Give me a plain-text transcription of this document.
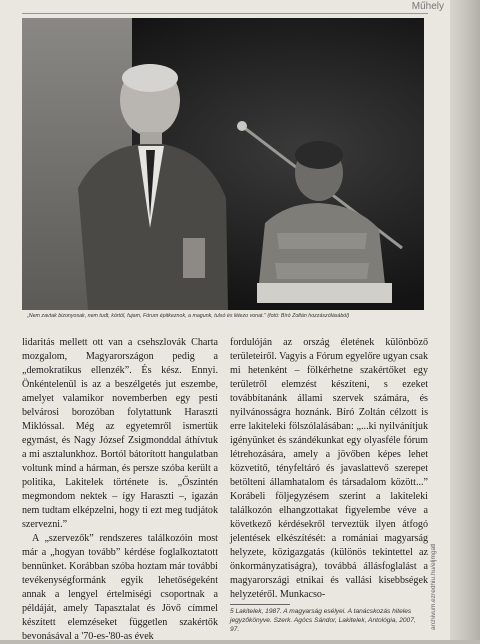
Műhely
„Nem zavtak bizonyosak, nem tudt, kórtól, fujam, Fórum épitkeznok, a magunk, tulsó és létezo vonat." (fotó: Bíró Zoltán hozzászólásából)

lidaritás mellett ott van a csehszlovák Charta mozgalom, Magyarországon pedig a „demokratikus ellenzék”. És kész. Ennyi. Önkéntelenül is az a beszélgetés jut eszembe, amelyet valamikor novemberben egy pesti belvárosi borozóban folytattunk Haraszti Miklóssal. Még az egyetemről ismertük egymást, és Nagy József Zsigmonddal áthívtuk a mi asztalunkhoz. Bortól bátorított hangulatban voltunk mind a hárman, és persze szóba került a politika, Lakitelek története is. „Őszintén megmondom nektek – így Haraszti –, igazán nem tudtam elképzelni, hogy ti ezt meg tudjátok szervezni.”

A „szervezők” rendszeres találkozóin most már a „hogyan tovább” kérdése foglalkoztatott bennünket. Korábban szóba hoztam már további tevékenységformánk egyik lehetőségeként annak a lengyel értelmiségi csoportnak a példáját, amely Tapasztalat és Jövő címmel készített elemzéseket független szakértők bevonásával a '70-es-'80-as évek

fordulóján az ország életének különböző területeiről. Vagyis a Fórum egyelőre ugyan csak mi hetenként – fölkérhetne szakértőket egy területről elemzést készíteni, s ezeket továbbítanánk állami szervek számára, és nyilvánosságra hoznánk. Bíró Zoltán célzott is erre lakiteleki fölszólalásában: „...ki nyilvánítjuk igényünket és szándékunkat egy olyasféle fórum létrehozására, amely a jövőben képes lehet közvetítő, tényfeltáró és javaslattevő szerepet betölteni államhatalom és társadalom között...” Korábeli följegyzésem szerint a lakiteleki találkozón elhangzottakat figyelembe véve a következő kérdésekről terveztük ilyen átfogó jelentések elkészítését: a romániai magyarság helyzete, közigazgatás (különös tekintettel az önkormányzatiságra), továbbá állásfoglalást a magyarországi etnikai és vallási kisebbségek helyzetéről. Munkacso-

5 Lakitelek, 1987. A magyarság esélyei. A tanácskozás hiteles jegyzőkönyve. Szerk. Agócs Sándor, Lakitelek, Antológia, 2007, 97.	archivum.ezredhiu.hu/eljmgatl
